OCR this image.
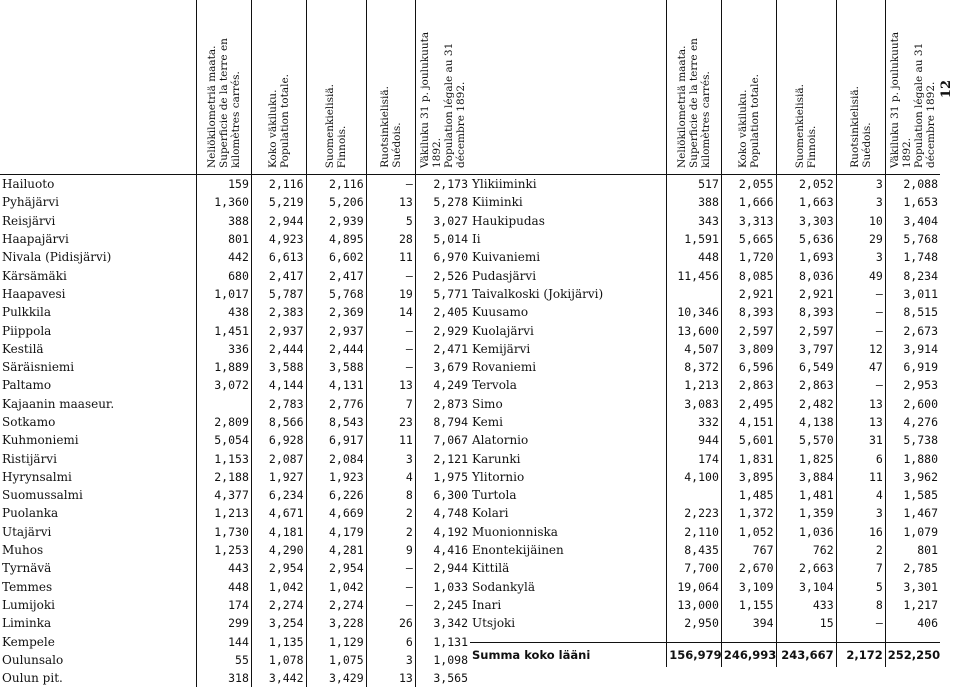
	Neliökilometriä maata.
Superficie de la terre en kilomètres carrés.	Koko väkiluku.
Population totale.	Suomenkielisiä.
Finnois.	Ruotsinkielisiä.
Suédois.	Väkiluku 31 p. joulukuuta 1892.
Population légale au 31 décembre 1892.
Hailuoto	159	2,116	2,116	—	2,173
Pyhäjärvi	1,360	5,219	5,206	13	5,278
Reisjärvi	388	2,944	2,939	5	3,027
Haapajärvi	801	4,923	4,895	28	5,014
Nivala (Pidisjärvi)	442	6,613	6,602	11	6,970
Kärsämäki	680	2,417	2,417	—	2,526
Haapavesi	1,017	5,787	5,768	19	5,771
Pulkkila	438	2,383	2,369	14	2,405
Piippola	1,451	2,937	2,937	—	2,929
Kestilä	336	2,444	2,444	—	2,471
Säräisniemi	1,889	3,588	3,588	—	3,679
Paltamo	3,072	4,144	4,131	13	4,249
Kajaanin maaseur.		2,783	2,776	7	2,873
Sotkamo	2,809	8,566	8,543	23	8,794
Kuhmoniemi	5,054	6,928	6,917	11	7,067
Ristijärvi	1,153	2,087	2,084	3	2,121
Hyrynsalmi	2,188	1,927	1,923	4	1,975
Suomussalmi	4,377	6,234	6,226	8	6,300
Puolanka	1,213	4,671	4,669	2	4,748
Utajärvi	1,730	4,181	4,179	2	4,192
Muhos	1,253	4,290	4,281	9	4,416
Tyrnävä	443	2,954	2,954	—	2,944
Temmes	448	1,042	1,042	—	1,033
Lumijoki	174	2,274	2,274	—	2,245
Liminka	299	3,254	3,228	26	3,342
Kempele	144	1,135	1,129	6	1,131
Oulunsalo	55	1,078	1,075	3	1,098
Oulun pit.	318	3,442	3,429	13	3,565
	Neliökilometriä maata.
Superficie de la terre en kilomètres carrés.	Koko väkiluku.
Population totale.	Suomenkielisiä.
Finnois.	Ruotsinkielisiä.
Suédois.	Väkiluku 31 p. joulukuuta 1892.
Population légale au 31 décembre 1892.
Ylikiiminki	517	2,055	2,052	3	2,088
Kiiminki	388	1,666	1,663	3	1,653
Haukipudas	343	3,313	3,303	10	3,404
Ii	1,591	5,665	5,636	29	5,768
Kuivaniemi	448	1,720	1,693	3	1,748
Pudasjärvi	11,456	8,085	8,036	49	8,234
Taivalkoski (Jokijärvi)		2,921	2,921	—	3,011
Kuusamo	10,346	8,393	8,393	—	8,515
Kuolajärvi	13,600	2,597	2,597	—	2,673
Kemijärvi	4,507	3,809	3,797	12	3,914
Rovaniemi	8,372	6,596	6,549	47	6,919
Tervola	1,213	2,863	2,863	—	2,953
Simo	3,083	2,495	2,482	13	2,600
Kemi	332	4,151	4,138	13	4,276
Alatornio	944	5,601	5,570	31	5,738
Karunki	174	1,831	1,825	6	1,880
Ylitornio	4,100	3,895	3,884	11	3,962
Turtola		1,485	1,481	4	1,585
Kolari	2,223	1,372	1,359	3	1,467
Muonionniska	2,110	1,052	1,036	16	1,079
Enontekijäinen	8,435	767	762	2	801
Kittilä	7,700	2,670	2,663	7	2,785
Sodankylä	19,064	3,109	3,104	5	3,301
Inari	13,000	1,155	433	8	1,217
Utsjoki	2,950	394	15	—	406

Summa koko lääni	156,979	246,993	243,667	2,172	252,250
12
